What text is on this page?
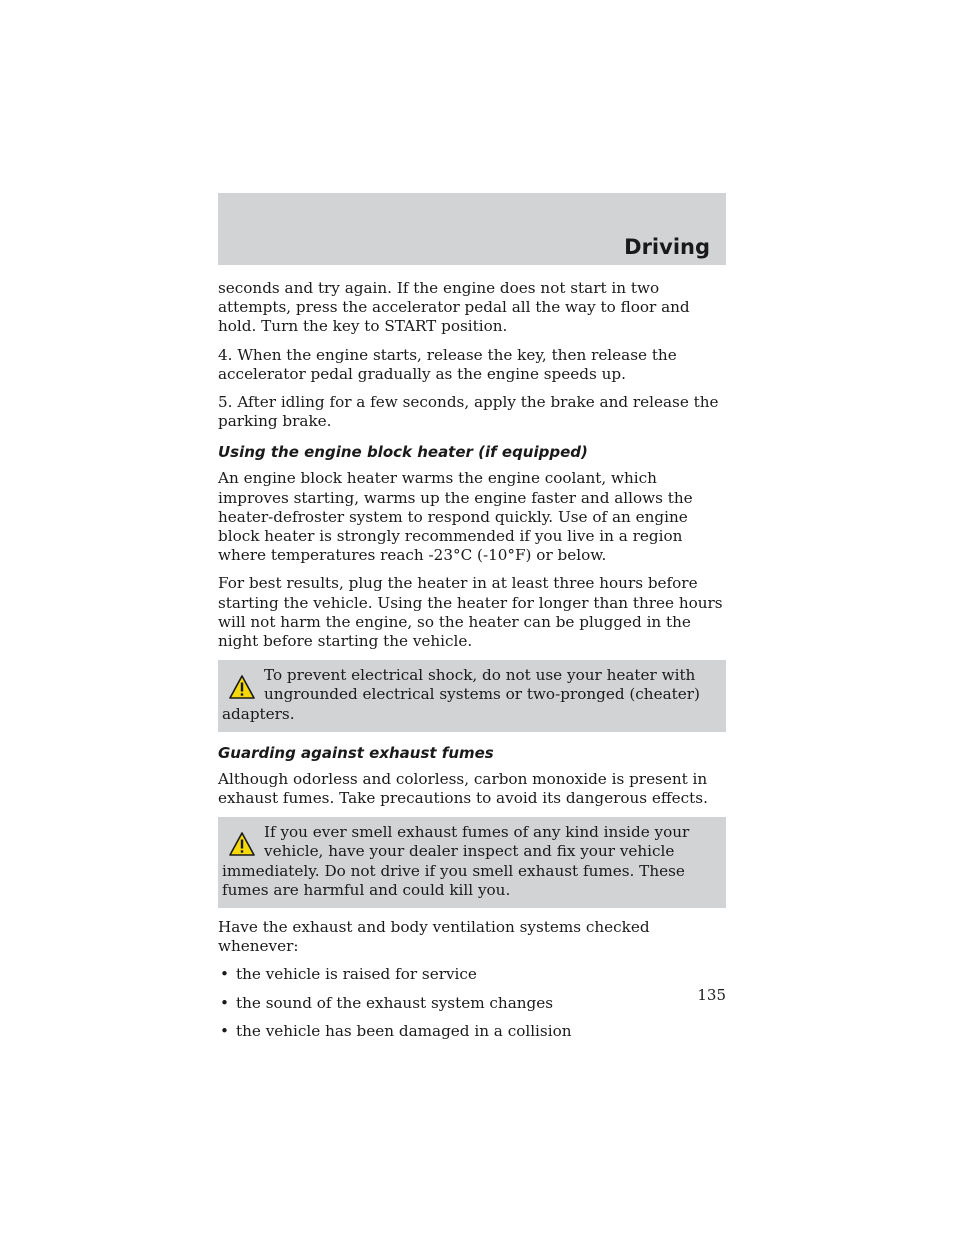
Driving

seconds and try again. If the engine does not start in two attempts, press the accelerator pedal all the way to floor and hold. Turn the key to START position.

4. When the engine starts, release the key, then release the accelerator pedal gradually as the engine speeds up.

5. After idling for a few seconds, apply the brake and release the parking brake.

Using the engine block heater (if equipped)

An engine block heater warms the engine coolant, which improves starting, warms up the engine faster and allows the heater-defroster system to respond quickly. Use of an engine block heater is strongly recommended if you live in a region where temperatures reach -23°C (-10°F) or below.

For best results, plug the heater in at least three hours before starting the vehicle. Using the heater for longer than three hours will not harm the engine, so the heater can be plugged in the night before starting the vehicle.

To prevent electrical shock, do not use your heater with ungrounded electrical systems or two-pronged (cheater) adapters.

Guarding against exhaust fumes

Although odorless and colorless, carbon monoxide is present in exhaust fumes. Take precautions to avoid its dangerous effects.

If you ever smell exhaust fumes of any kind inside your vehicle, have your dealer inspect and fix your vehicle immediately. Do not drive if you smell exhaust fumes. These fumes are harmful and could kill you.

Have the exhaust and body ventilation systems checked whenever:

• the vehicle is raised for service
• the sound of the exhaust system changes
• the vehicle has been damaged in a collision
135
